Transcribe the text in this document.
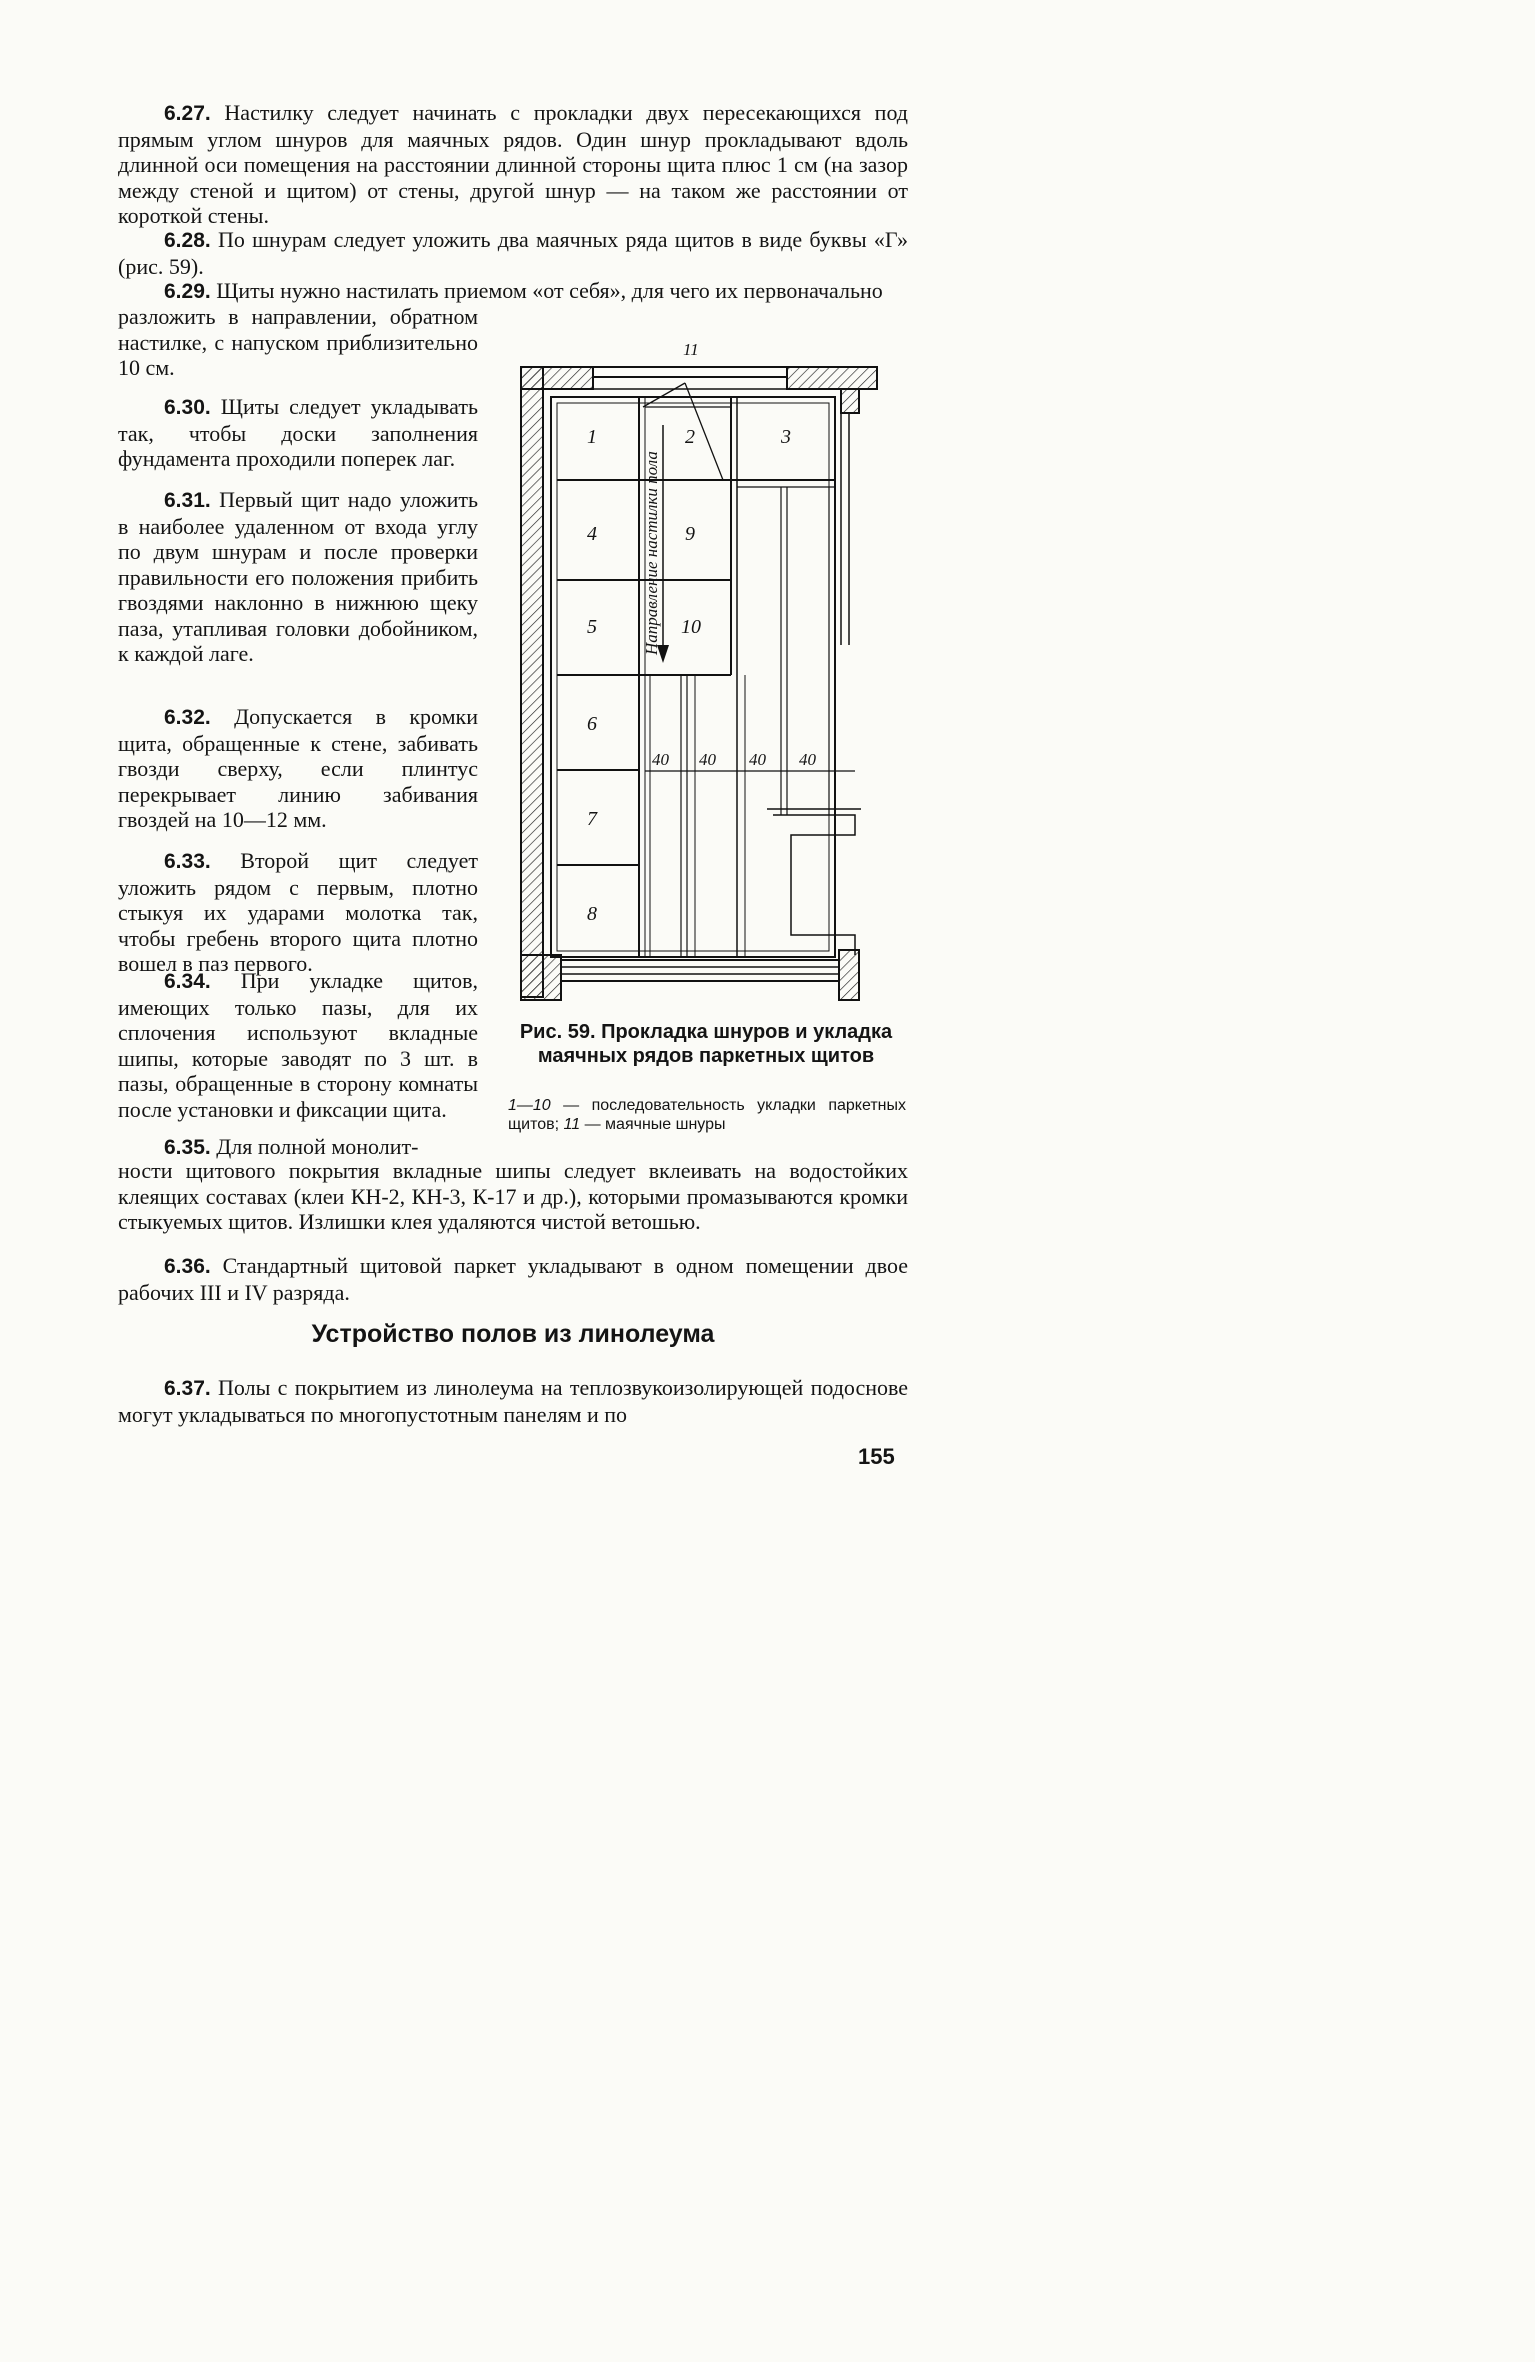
6.27. Настилку следует начинать с прокладки двух пересекающихся под прямым углом шнуров для маячных рядов. Один шнур прокладывают вдоль длинной оси помещения на расстоянии длинной стороны щита плюс 1 см (на зазор между стеной и щитом) от стены, другой шнур — на таком же расстоянии от короткой стены.

6.28. По шнурам следует уложить два маячных ряда щитов в виде буквы «Г» (рис. 59).

6.29. Щиты нужно настилать приемом «от себя», для чего их первоначально

разложить в направлении, обратном настилке, с напуском приблизительно 10 см.

6.30. Щиты следует укладывать так, чтобы доски заполнения фундамента проходили поперек лаг.

6.31. Первый щит надо уложить в наиболее удаленном от входа углу по двум шнурам и после проверки правильности его положения прибить гвоздями наклонно в нижнюю щеку паза, утапливая головки добойником, к каждой лаге.

6.32. Допускается в кромки щита, обращенные к стене, забивать гвозди сверху, если плинтус перекрывает линию забивания гвоздей на 10—12 мм.

6.33. Второй щит следует уложить рядом с первым, плотно стыкуя их ударами молотка так, чтобы гребень второго щита плотно вошел в паз первого.

6.34. При укладке щитов, имеющих только пазы, для их сплочения используют вкладные шипы, которые заводят по 3 шт. в пазы, обращенные в сторону комнаты после установки и фиксации щита.

6.35. Для полной монолит-

ности щитового покрытия вкладные шипы следует вклеивать на водостойких клеящих составах (клеи КН-2, КН-3, К-17 и др.), которыми промазываются кромки стыкуемых щитов. Излишки клея удаляются чистой ветошью.

6.36. Стандартный щитовой паркет укладывают в одном помещении двое рабочих III и IV разряда.

Устройство полов из линолеума

6.37. Полы с покрытием из линолеума на теплозвукоизолирующей подоснове могут укладываться по многопустотным панелям и по

11
Направление настилки пола
1	2	3
4	9
5	10
6
7
8
40 40 40 40

Рис. 59. Прокладка шнуров и укладка маячных рядов паркетных щитов

1—10 — последовательность укладки паркетных щитов; 11 — маячные шнуры

155
